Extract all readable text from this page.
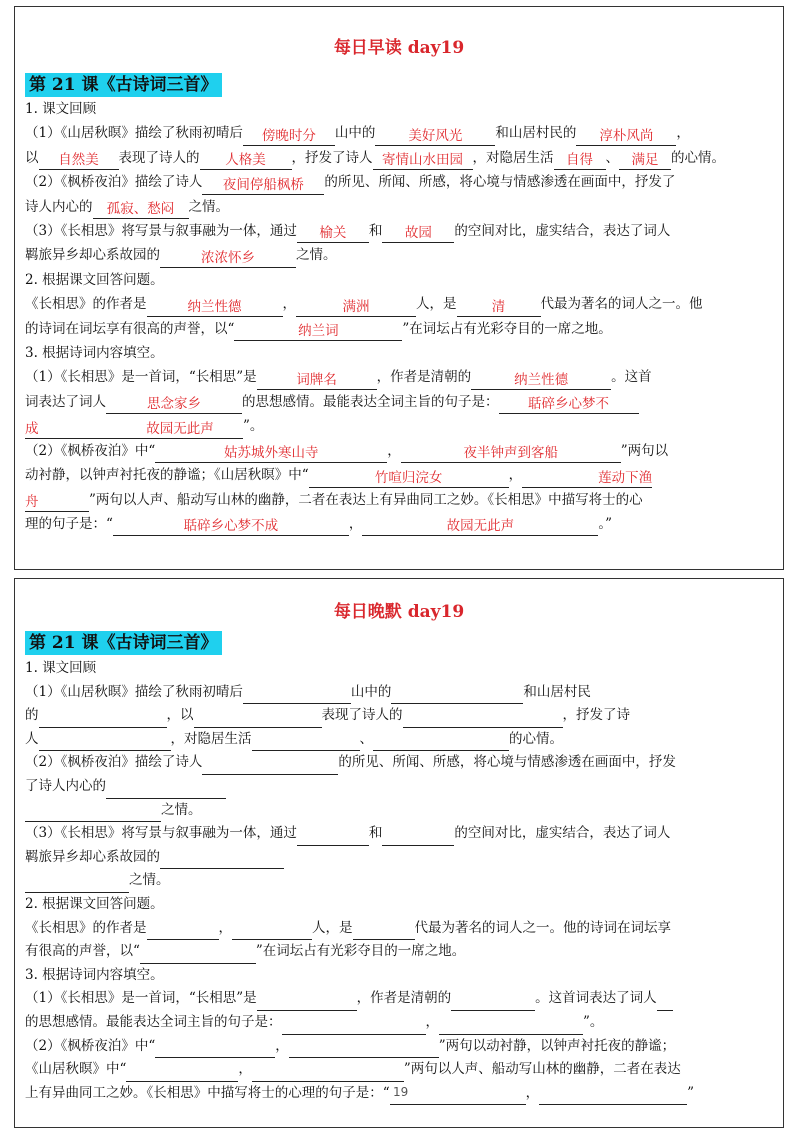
每日早读 day19
第 21 课《古诗词三首》

1. 课文回顾

（1）《山居秋暝》描绘了秋雨初晴后 傍晚时分 山中的 美好风光 和山居村民的 淳朴风尚 ，

以 自然美 表现了诗人的 人格美 ，抒发了诗人 寄情山水田园 ，对隐居生活 自得 、 满足 的心情。

（2）《枫桥夜泊》描绘了诗人 夜间停船枫桥 的所见、所闻、所感，将心境与情感渗透在画面中，抒发了

诗人内心的 孤寂、愁闷 之情。

（3）《长相思》将写景与叙事融为一体，通过 榆关 和 故园 的空间对比，虚实结合，表达了词人

羁旅异乡却心系故园的	浓浓怀乡	之情。

2. 根据课文回答问题。

《长相思》的作者是	纳兰性德	，	满洲	人，是	清	代最为著名的词人之一。他

的诗词在词坛享有很高的声誉，以“	纳兰词	”在词坛占有光彩夺目的一席之地。

3. 根据诗词内容填空。

（1）《长相思》是一首词，“长相思”是	词牌名	，作者是清朝的	纳兰性德	。这首

词表达了词人	思念家乡	的思想感情。最能表达全词主旨的句子是： 聒碎乡心梦不

成	故园无此声 ”。

（2）《枫桥夜泊》中“	姑苏城外寒山寺	，	夜半钟声到客船	”两句以

动衬静，以钟声衬托夜的静谧；《山居秋暝》中“	竹喧归浣女	，	莲动下渔

舟	”两句以人声、船动写山林的幽静，二者在表达上有异曲同工之妙。《长相思》中描写将士的心

理的句子是：“	聒碎乡心梦不成	，	故园无此声	。”

每日晚默 day19
第 21 课《古诗词三首》

1. 课文回顾

（1）《山居秋暝》描绘了秋雨初晴后	山中的	和山居村民

的	，以	表现了诗人的	，抒发了诗

人	，对隐居生活	、	的心情。

（2）《枫桥夜泊》描绘了诗人	的所见、所闻、所感，将心境与情感渗透在画面中，抒发

了诗人内心的

之情。

（3）《长相思》将写景与叙事融为一体，通过	和	的空间对比，虚实结合，表达了词人

羁旅异乡却心系故园的

之情。

2. 根据课文回答问题。

《长相思》的作者是	，	人，是	代最为著名的词人之一。他的诗词在词坛享

有很高的声誉，以“	”在词坛占有光彩夺目的一席之地。

3. 根据诗词内容填空。

（1）《长相思》是一首词，“长相思”是	，作者是清朝的	。这首词表达了词人

的思想感情。最能表达全词主旨的句子是：	，	”。

（2）《枫桥夜泊》中“	，	”两句以动衬静，以钟声衬托夜的静谧；

《山居秋暝》中“	，	”两句以人声、船动写山林的幽静，二者在表达

上有异曲同工之妙。《长相思》中描写将士的心理的句子是：“	，	”

19
